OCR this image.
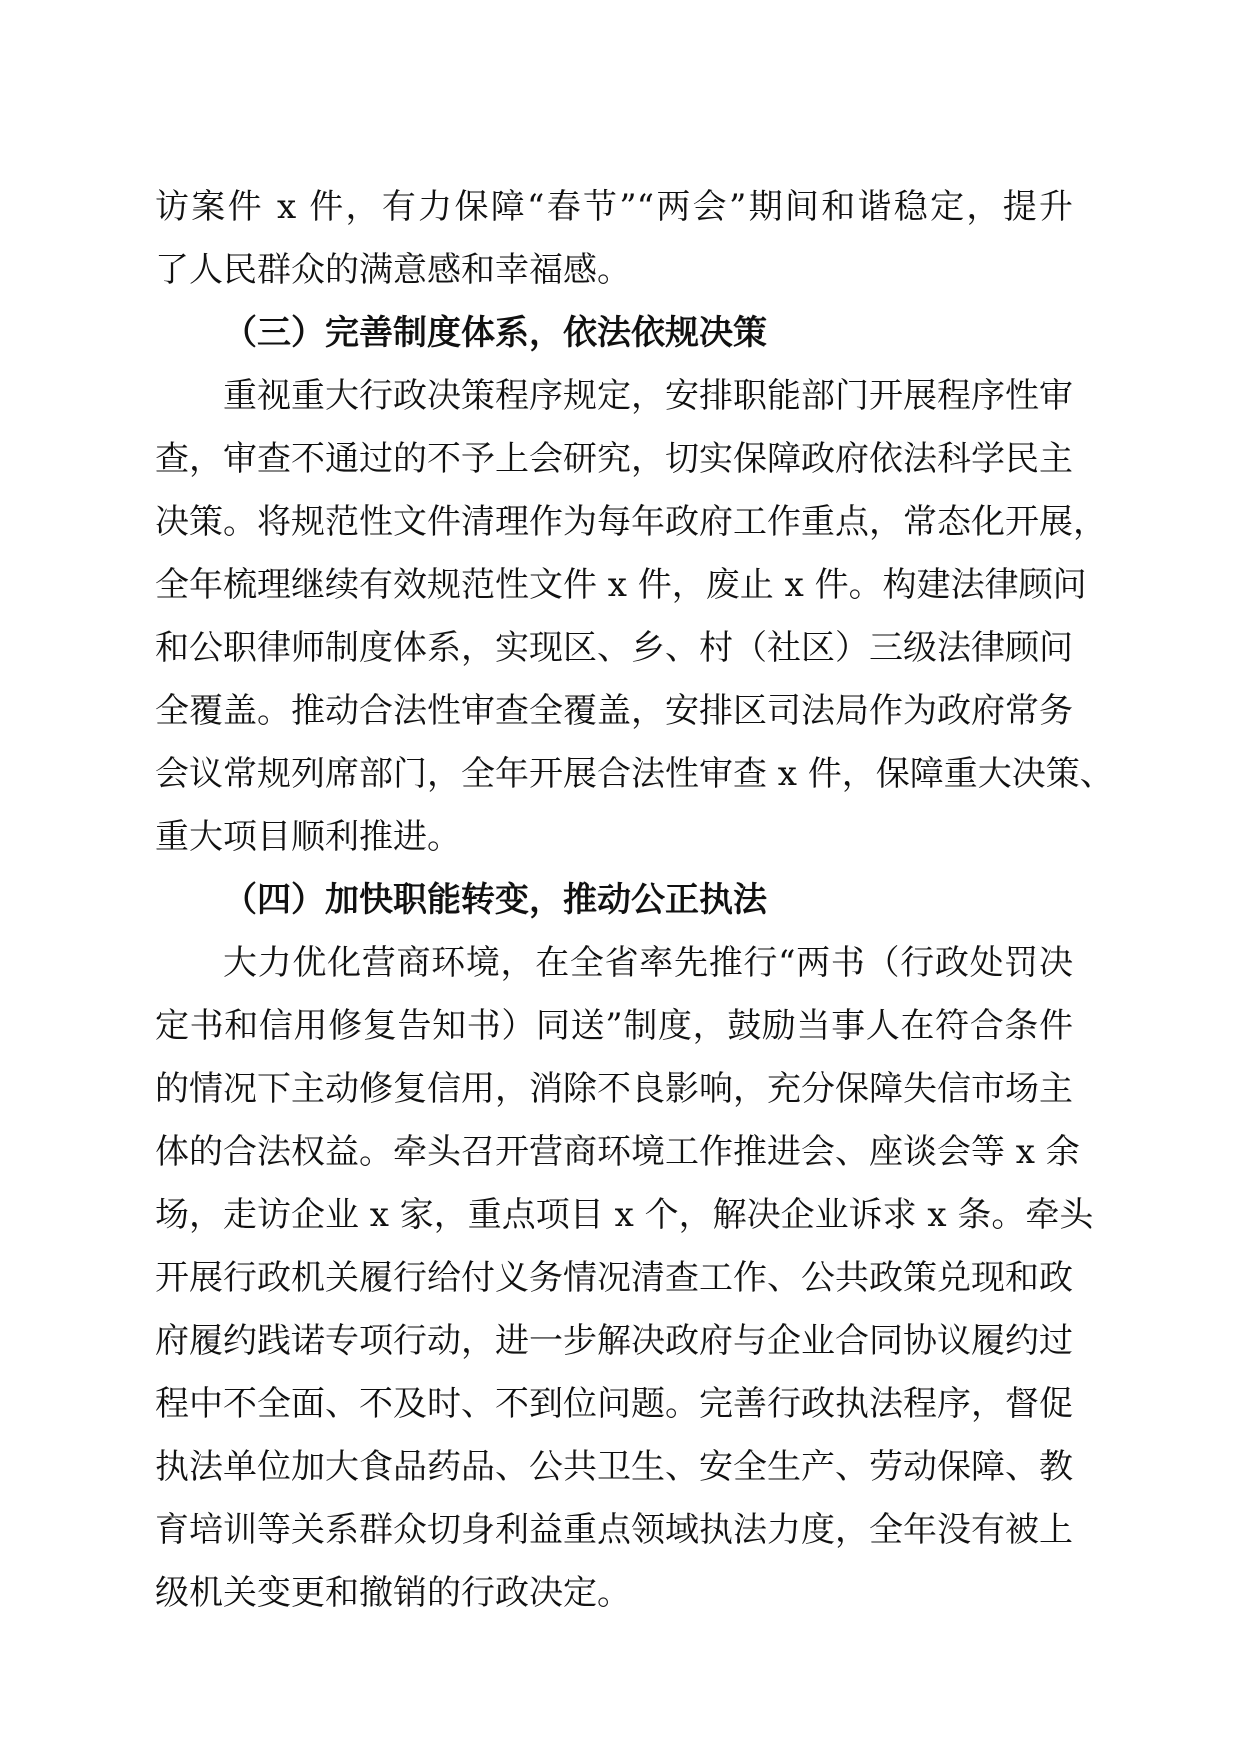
访案件 x 件，有力保障“春节”“两会”期间和谐稳定，提升
了人民群众的满意感和幸福感。
（三）完善制度体系，依法依规决策
重视重大行政决策程序规定，安排职能部门开展程序性审
查，审查不通过的不予上会研究，切实保障政府依法科学民主
决策。将规范性文件清理作为每年政府工作重点，常态化开展，
全年梳理继续有效规范性文件 x 件，废止 x 件。构建法律顾问
和公职律师制度体系，实现区、乡、村（社区）三级法律顾问
全覆盖。推动合法性审查全覆盖，安排区司法局作为政府常务
会议常规列席部门，全年开展合法性审查 x 件，保障重大决策、
重大项目顺利推进。
（四）加快职能转变，推动公正执法
大力优化营商环境，在全省率先推行“两书（行政处罚决
定书和信用修复告知书）同送”制度，鼓励当事人在符合条件
的情况下主动修复信用，消除不良影响，充分保障失信市场主
体的合法权益。牵头召开营商环境工作推进会、座谈会等 x 余
场，走访企业 x 家，重点项目 x 个，解决企业诉求 x 条。牵头
开展行政机关履行给付义务情况清查工作、公共政策兑现和政
府履约践诺专项行动，进一步解决政府与企业合同协议履约过
程中不全面、不及时、不到位问题。完善行政执法程序，督促
执法单位加大食品药品、公共卫生、安全生产、劳动保障、教
育培训等关系群众切身利益重点领域执法力度，全年没有被上
级机关变更和撤销的行政决定。
